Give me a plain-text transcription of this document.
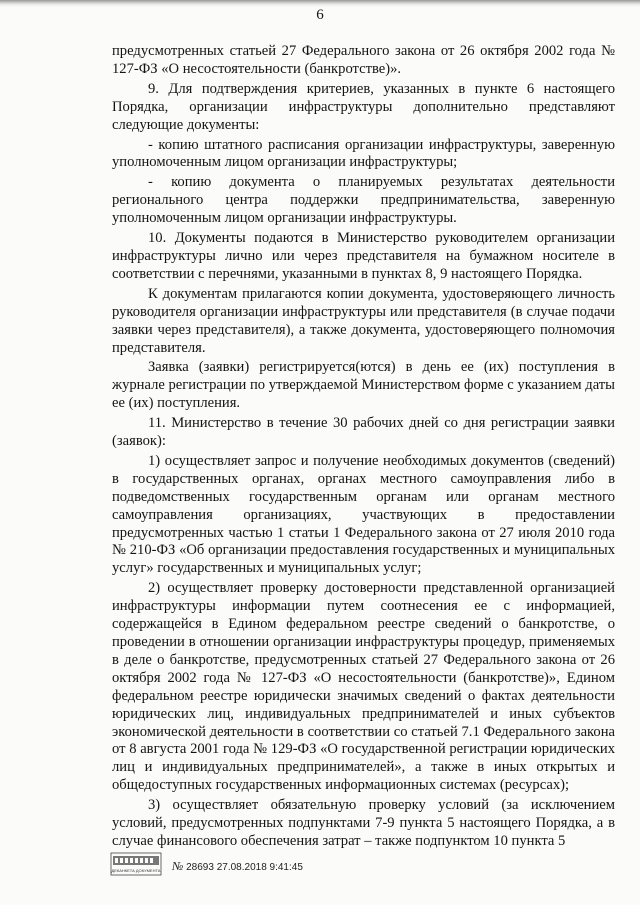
6

предусмотренных статьей 27 Федерального закона от 26 октября 2002 года № 127-ФЗ «О несостоятельности (банкротстве)».

9. Для подтверждения критериев, указанных в пункте 6 настоящего Порядка, организации инфраструктуры дополнительно представляют следующие документы:

- копию штатного расписания организации инфраструктуры, заверенную уполномоченным лицом организации инфраструктуры;

- копию документа о планируемых результатах деятельности регионального центра поддержки предпринимательства, заверенную уполномоченным лицом организации инфраструктуры.

10. Документы подаются в Министерство руководителем организации инфраструктуры лично или через представителя на бумажном носителе в соответствии с перечнями, указанными в пунктах 8, 9 настоящего Порядка.

К документам прилагаются копии документа, удостоверяющего личность руководителя организации инфраструктуры или представителя (в случае подачи заявки через представителя), а также документа, удостоверяющего полномочия представителя.

Заявка (заявки) регистрируется(ются) в день ее (их) поступления в журнале регистрации по утверждаемой Министерством форме с указанием даты ее (их) поступления.

11. Министерство в течение 30 рабочих дней со дня регистрации заявки (заявок):

1) осуществляет запрос и получение необходимых документов (сведений) в государственных органах, органах местного самоуправления либо в подведомственных государственным органам или органам местного самоуправления организациях, участвующих в предоставлении предусмотренных частью 1 статьи 1 Федерального закона от 27 июля 2010 года № 210-ФЗ «Об организации предоставления государственных и муниципальных услуг» государственных и муниципальных услуг;

2) осуществляет проверку достоверности представленной организацией инфраструктуры информации путем соотнесения ее с информацией, содержащейся в Едином федеральном реестре сведений о банкротстве, о проведении в отношении организации инфраструктуры процедур, применяемых в деле о банкротстве, предусмотренных статьей 27 Федерального закона от 26 октября 2002 года № 127-ФЗ «О несостоятельности (банкротстве)», Едином федеральном реестре юридически значимых сведений о фактах деятельности юридических лиц, индивидуальных предпринимателей и иных субъектов экономической деятельности в соответствии со статьей 7.1 Федерального закона от 8 августа 2001 года № 129-ФЗ «О государственной регистрации юридических лиц и индивидуальных предпринимателей», а также в иных открытых и общедоступных государственных информационных системах (ресурсах);

3) осуществляет обязательную проверку условий (за исключением условий, предусмотренных подпунктами 7-9 пункта 5 настоящего Порядка, а в случае финансового обеспечения затрат – также подпунктом 10 пункта 5

ДЕКАНКЕТА ДОКУМЕНТА № 28693 27.08.2018 9:41:45
